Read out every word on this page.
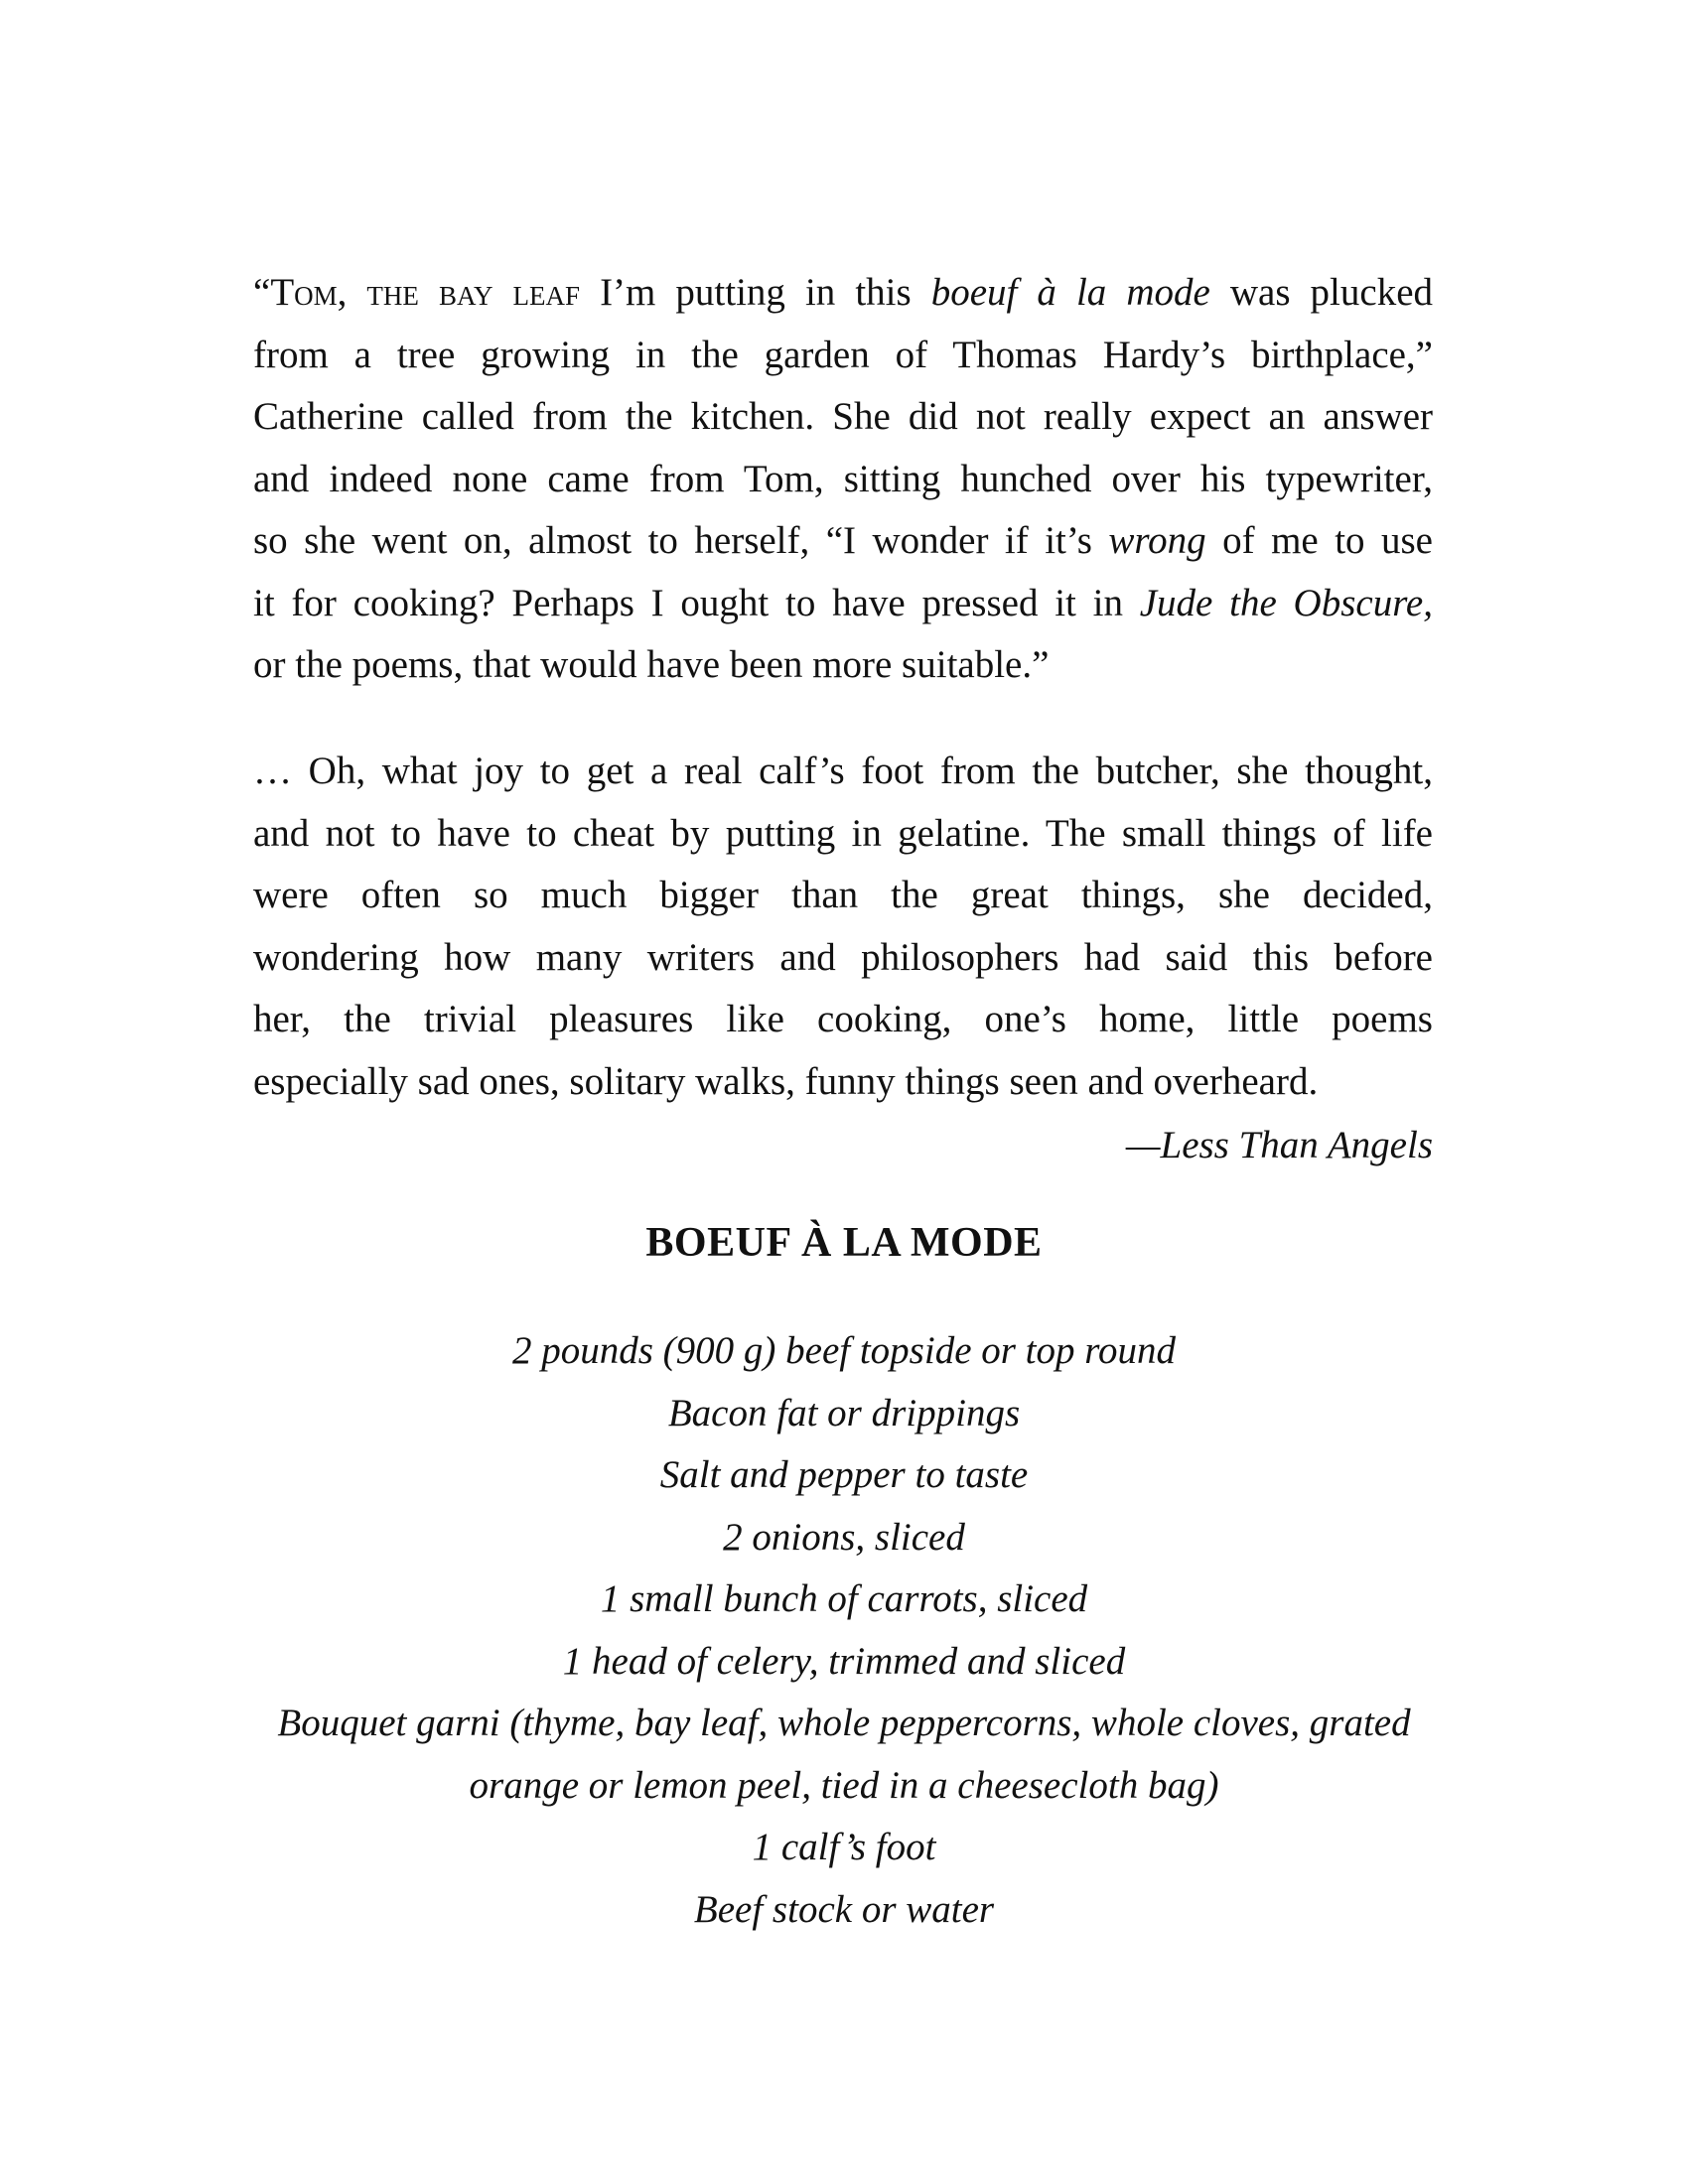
“Tom, the bay leaf I’m putting in this boeuf à la mode was plucked
from a tree growing in the garden of Thomas Hardy’s birthplace,”
Catherine called from the kitchen. She did not really expect an answer
and indeed none came from Tom, sitting hunched over his typewriter,
so she went on, almost to herself, “I wonder if it’s wrong of me to use
it for cooking? Perhaps I ought to have pressed it in Jude the Obscure,
or the poems, that would have been more suitable.”

… Oh, what joy to get a real calf’s foot from the butcher, she thought,
and not to have to cheat by putting in gelatine. The small things of life
were often so much bigger than the great things, she decided,
wondering how many writers and philosophers had said this before
her, the trivial pleasures like cooking, one’s home, little poems
especially sad ones, solitary walks, funny things seen and overheard.

—Less Than Angels
BOEUF À LA MODE
2 pounds (900 g) beef topside or top round
Bacon fat or drippings
Salt and pepper to taste
2 onions, sliced
1 small bunch of carrots, sliced
1 head of celery, trimmed and sliced
Bouquet garni (thyme, bay leaf, whole peppercorns, whole cloves, grated
orange or lemon peel, tied in a cheesecloth bag)
1 calf’s foot
Beef stock or water
